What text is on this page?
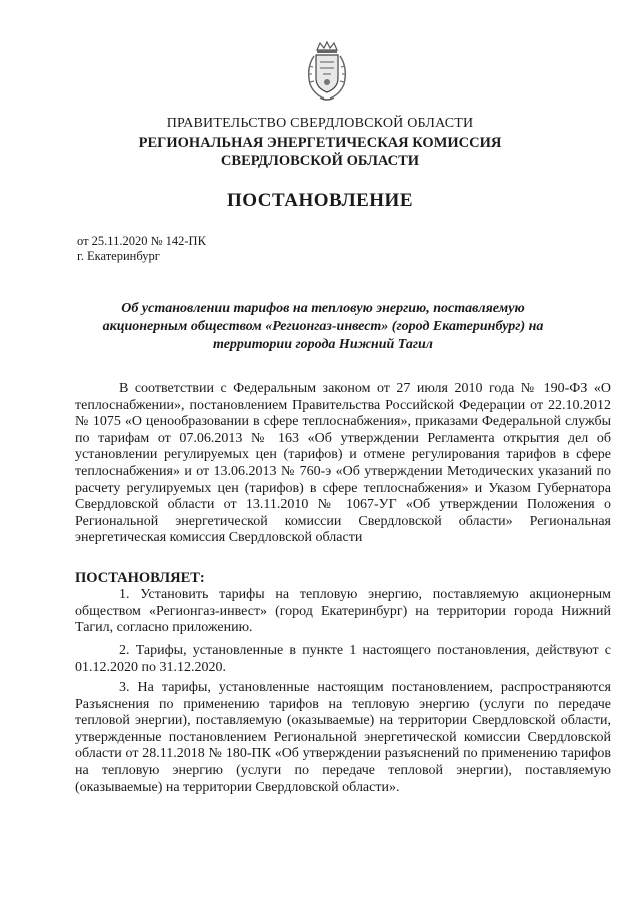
ПРАВИТЕЛЬСТВО СВЕРДЛОВСКОЙ ОБЛАСТИ
РЕГИОНАЛЬНАЯ ЭНЕРГЕТИЧЕСКАЯ КОМИССИЯ
СВЕРДЛОВСКОЙ ОБЛАСТИ
ПОСТАНОВЛЕНИЕ
от 25.11.2020 № 142-ПК
г. Екатеринбург
Об установлении тарифов на тепловую энергию, поставляемую акционерным обществом «Регионгаз-инвест» (город Екатеринбург) на территории города Нижний Тагил
В соответствии с Федеральным законом от 27 июля 2010 года № 190-ФЗ «О теплоснабжении», постановлением Правительства Российской Федерации от 22.10.2012 № 1075 «О ценообразовании в сфере теплоснабжения», приказами Федеральной службы по тарифам от 07.06.2013 № 163 «Об утверждении Регламента открытия дел об установлении регулируемых цен (тарифов) и отмене регулирования тарифов в сфере теплоснабжения» и от 13.06.2013 № 760-э «Об утверждении Методических указаний по расчету регулируемых цен (тарифов) в сфере теплоснабжения» и Указом Губернатора Свердловской области от 13.11.2010 № 1067-УГ «Об утверждении Положения о Региональной энергетической комиссии Свердловской области» Региональная энергетическая комиссия Свердловской области
ПОСТАНОВЛЯЕТ:
1. Установить тарифы на тепловую энергию, поставляемую акционерным обществом «Регионгаз-инвест» (город Екатеринбург) на территории города Нижний Тагил, согласно приложению.
2. Тарифы, установленные в пункте 1 настоящего постановления, действуют с 01.12.2020 по 31.12.2020.
3. На тарифы, установленные настоящим постановлением, распространяются Разъяснения по применению тарифов на тепловую энергию (услуги по передаче тепловой энергии), поставляемую (оказываемые) на территории Свердловской области, утвержденные постановлением Региональной энергетической комиссии Свердловской области от 28.11.2018 № 180-ПК «Об утверждении разъяснений по применению тарифов на тепловую энергию (услуги по передаче тепловой энергии), поставляемую (оказываемые) на территории Свердловской области».
